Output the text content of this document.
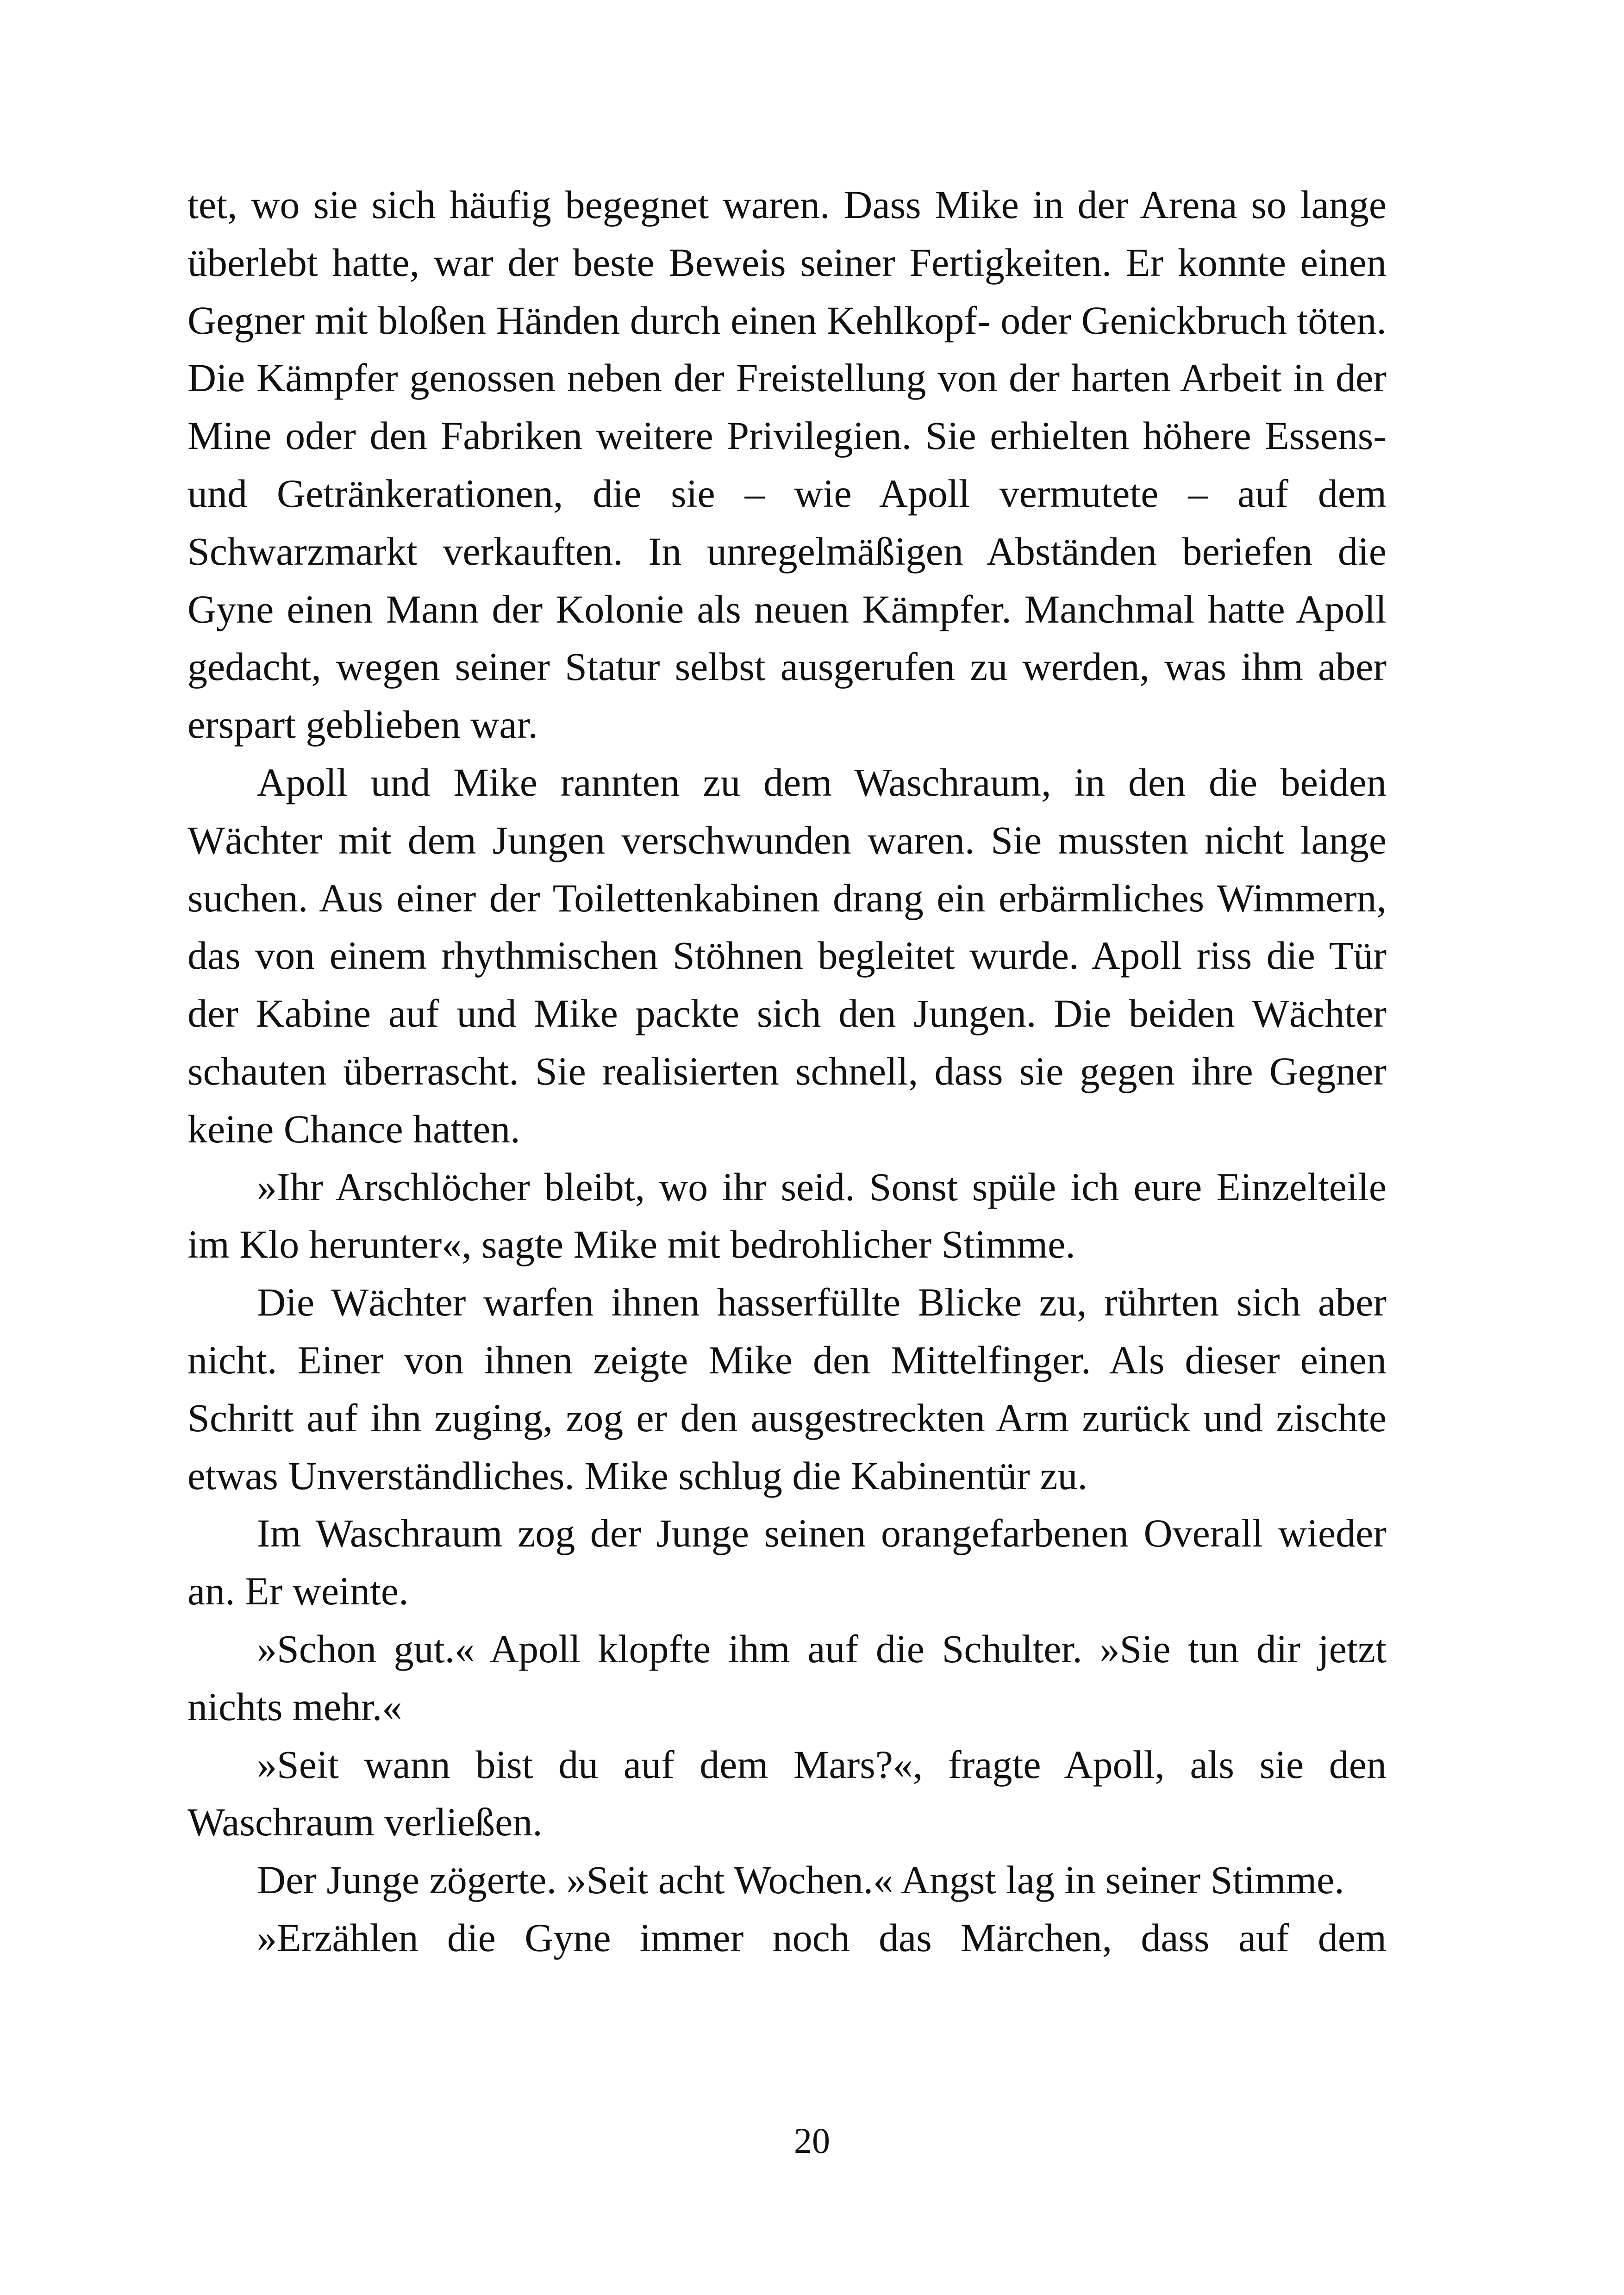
tet, wo sie sich häufig begegnet waren. Dass Mike in der Arena so lange überlebt hatte, war der beste Beweis seiner Fertigkeiten. Er konnte einen Gegner mit bloßen Händen durch einen Kehlkopf- oder Genickbruch töten. Die Kämpfer genossen neben der Freistellung von der harten Arbeit in der Mine oder den Fabriken weitere Privilegien. Sie erhielten höhere Essens- und Getränkerationen, die sie – wie Apoll vermutete – auf dem Schwarzmarkt verkauften. In unregelmäßigen Abständen beriefen die Gyne einen Mann der Kolonie als neuen Kämpfer. Manchmal hatte Apoll gedacht, wegen seiner Statur selbst ausgerufen zu werden, was ihm aber erspart geblieben war.

Apoll und Mike rannten zu dem Waschraum, in den die beiden Wächter mit dem Jungen verschwunden waren. Sie mussten nicht lange suchen. Aus einer der Toilettenkabinen drang ein erbärmliches Wimmern, das von einem rhythmischen Stöhnen begleitet wurde. Apoll riss die Tür der Kabine auf und Mike packte sich den Jungen. Die beiden Wächter schauten überrascht. Sie realisierten schnell, dass sie gegen ihre Gegner keine Chance hatten.

»Ihr Arschlöcher bleibt, wo ihr seid. Sonst spüle ich eure Einzelteile im Klo herunter«, sagte Mike mit bedrohlicher Stimme.

Die Wächter warfen ihnen hasserfüllte Blicke zu, rührten sich aber nicht. Einer von ihnen zeigte Mike den Mittelfinger. Als dieser einen Schritt auf ihn zuging, zog er den ausgestreckten Arm zurück und zischte etwas Unverständliches. Mike schlug die Kabinentür zu.

Im Waschraum zog der Junge seinen orangefarbenen Overall wieder an. Er weinte.

»Schon gut.« Apoll klopfte ihm auf die Schulter. »Sie tun dir jetzt nichts mehr.«

»Seit wann bist du auf dem Mars?«, fragte Apoll, als sie den Waschraum verließen.

Der Junge zögerte. »Seit acht Wochen.« Angst lag in seiner Stimme.

»Erzählen die Gyne immer noch das Märchen, dass auf dem

20
